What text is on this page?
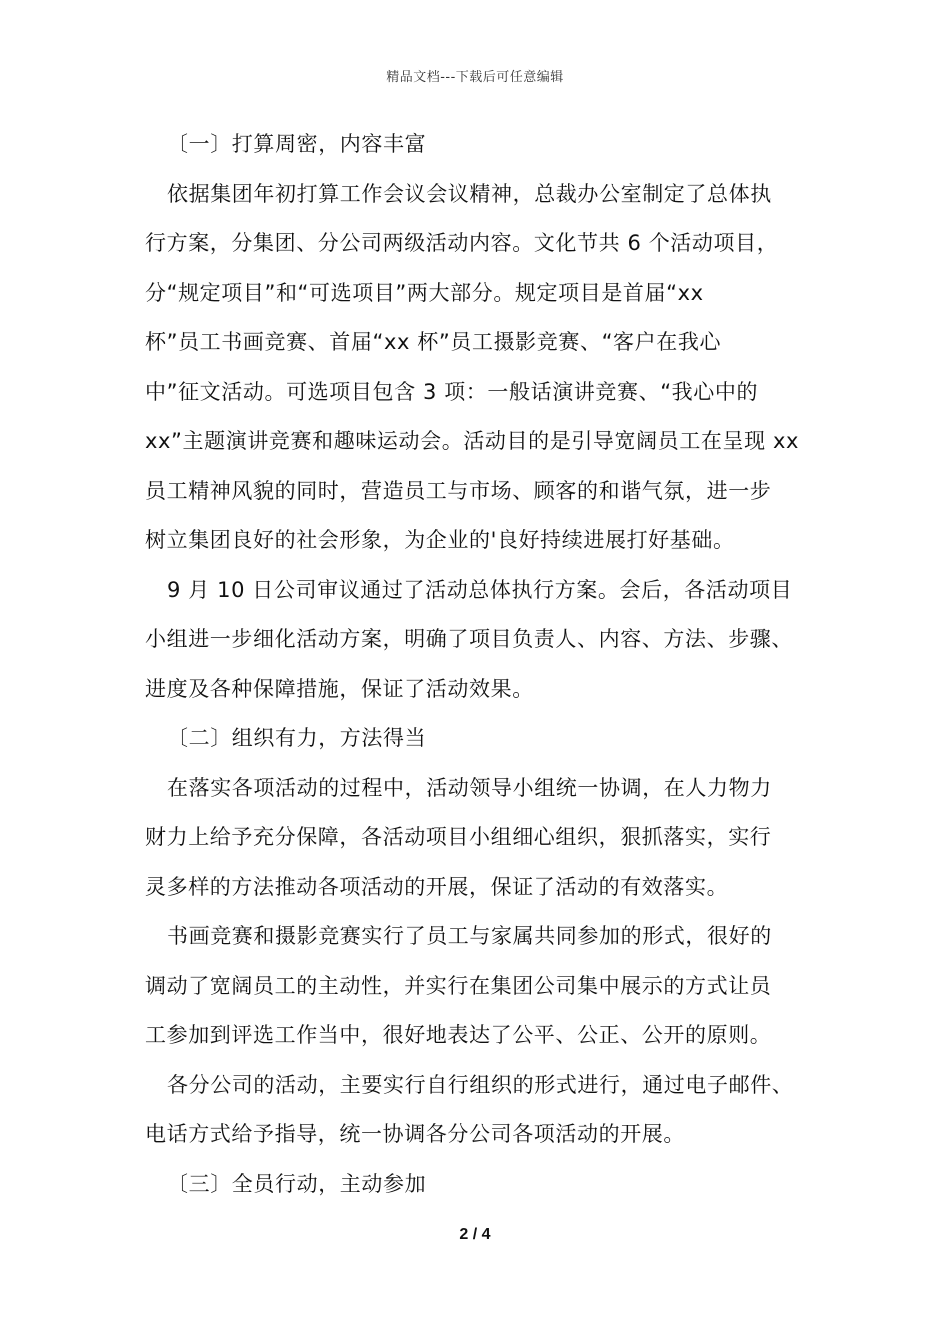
精品文档---下载后可任意编辑
〔一〕打算周密，内容丰富
依据集团年初打算工作会议会议精神，总裁办公室制定了总体执
行方案，分集团、分公司两级活动内容。文化节共 6 个活动项目，
分“规定项目”和“可选项目”两大部分。规定项目是首届“xx
杯”员工书画竞赛、首届“xx 杯”员工摄影竞赛、“客户在我心
中”征文活动。可选项目包含 3 项：一般话演讲竞赛、“我心中的
xx”主题演讲竞赛和趣味运动会。活动目的是引导宽阔员工在呈现 xx
员工精神风貌的同时，营造员工与市场、顾客的和谐气氛，进一步
树立集团良好的社会形象，为企业的'良好持续进展打好基础。
9 月 10 日公司审议通过了活动总体执行方案。会后，各活动项目
小组进一步细化活动方案，明确了项目负责人、内容、方法、步骤、
进度及各种保障措施，保证了活动效果。
〔二〕组织有力，方法得当
在落实各项活动的过程中，活动领导小组统一协调，在人力物力
财力上给予充分保障，各活动项目小组细心组织，狠抓落实，实行
灵多样的方法推动各项活动的开展，保证了活动的有效落实。
书画竞赛和摄影竞赛实行了员工与家属共同参加的形式，很好的
调动了宽阔员工的主动性，并实行在集团公司集中展示的方式让员
工参加到评选工作当中，很好地表达了公平、公正、公开的原则。
各分公司的活动，主要实行自行组织的形式进行，通过电子邮件、
电话方式给予指导，统一协调各分公司各项活动的开展。
〔三〕全员行动，主动参加
2 / 4
